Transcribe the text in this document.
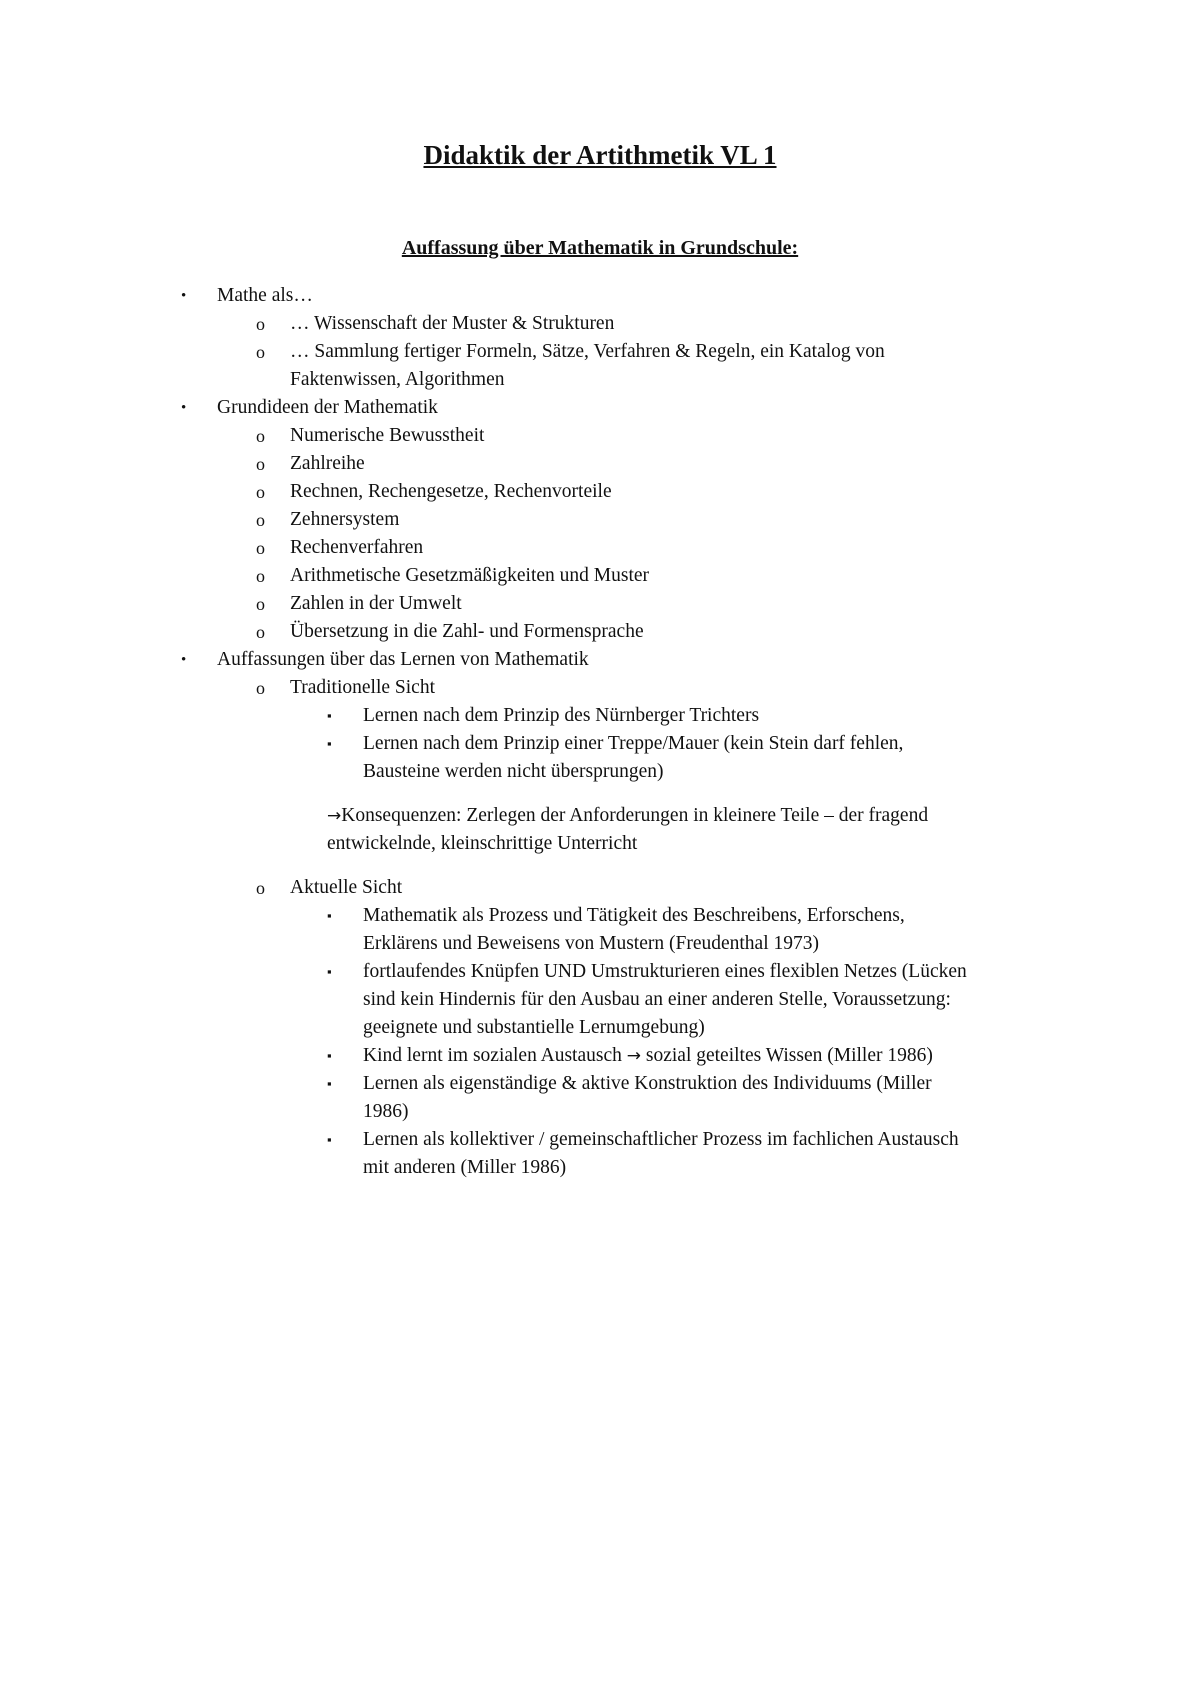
Didaktik der Artithmetik VL 1
Auffassung über Mathematik in Grundschule:
• Mathe als…
o … Wissenschaft der Muster & Strukturen
o … Sammlung fertiger Formeln, Sätze, Verfahren & Regeln, ein Katalog von
Faktenwissen, Algorithmen
• Grundideen der Mathematik
o Numerische Bewusstheit
o Zahlreihe
o Rechnen, Rechengesetze, Rechenvorteile
o Zehnersystem
o Rechenverfahren
o Arithmetische Gesetzmäßigkeiten und Muster
o Zahlen in der Umwelt
o Übersetzung in die Zahl- und Formensprache
• Auffassungen über das Lernen von Mathematik
o Traditionelle Sicht
▪ Lernen nach dem Prinzip des Nürnberger Trichters
▪ Lernen nach dem Prinzip einer Treppe/Mauer (kein Stein darf fehlen,
Bausteine werden nicht übersprungen)
→Konsequenzen: Zerlegen der Anforderungen in kleinere Teile – der fragend
entwickelnde, kleinschrittige Unterricht
o Aktuelle Sicht
▪ Mathematik als Prozess und Tätigkeit des Beschreibens, Erforschens,
Erklärens und Beweisens von Mustern (Freudenthal 1973)
▪ fortlaufendes Knüpfen UND Umstrukturieren eines flexiblen Netzes (Lücken
sind kein Hindernis für den Ausbau an einer anderen Stelle, Voraussetzung:
geeignete und substantielle Lernumgebung)
▪ Kind lernt im sozialen Austausch → sozial geteiltes Wissen (Miller 1986)
▪ Lernen als eigenständige & aktive Konstruktion des Individuums (Miller
1986)
▪ Lernen als kollektiver / gemeinschaftlicher Prozess im fachlichen Austausch
mit anderen (Miller 1986)
